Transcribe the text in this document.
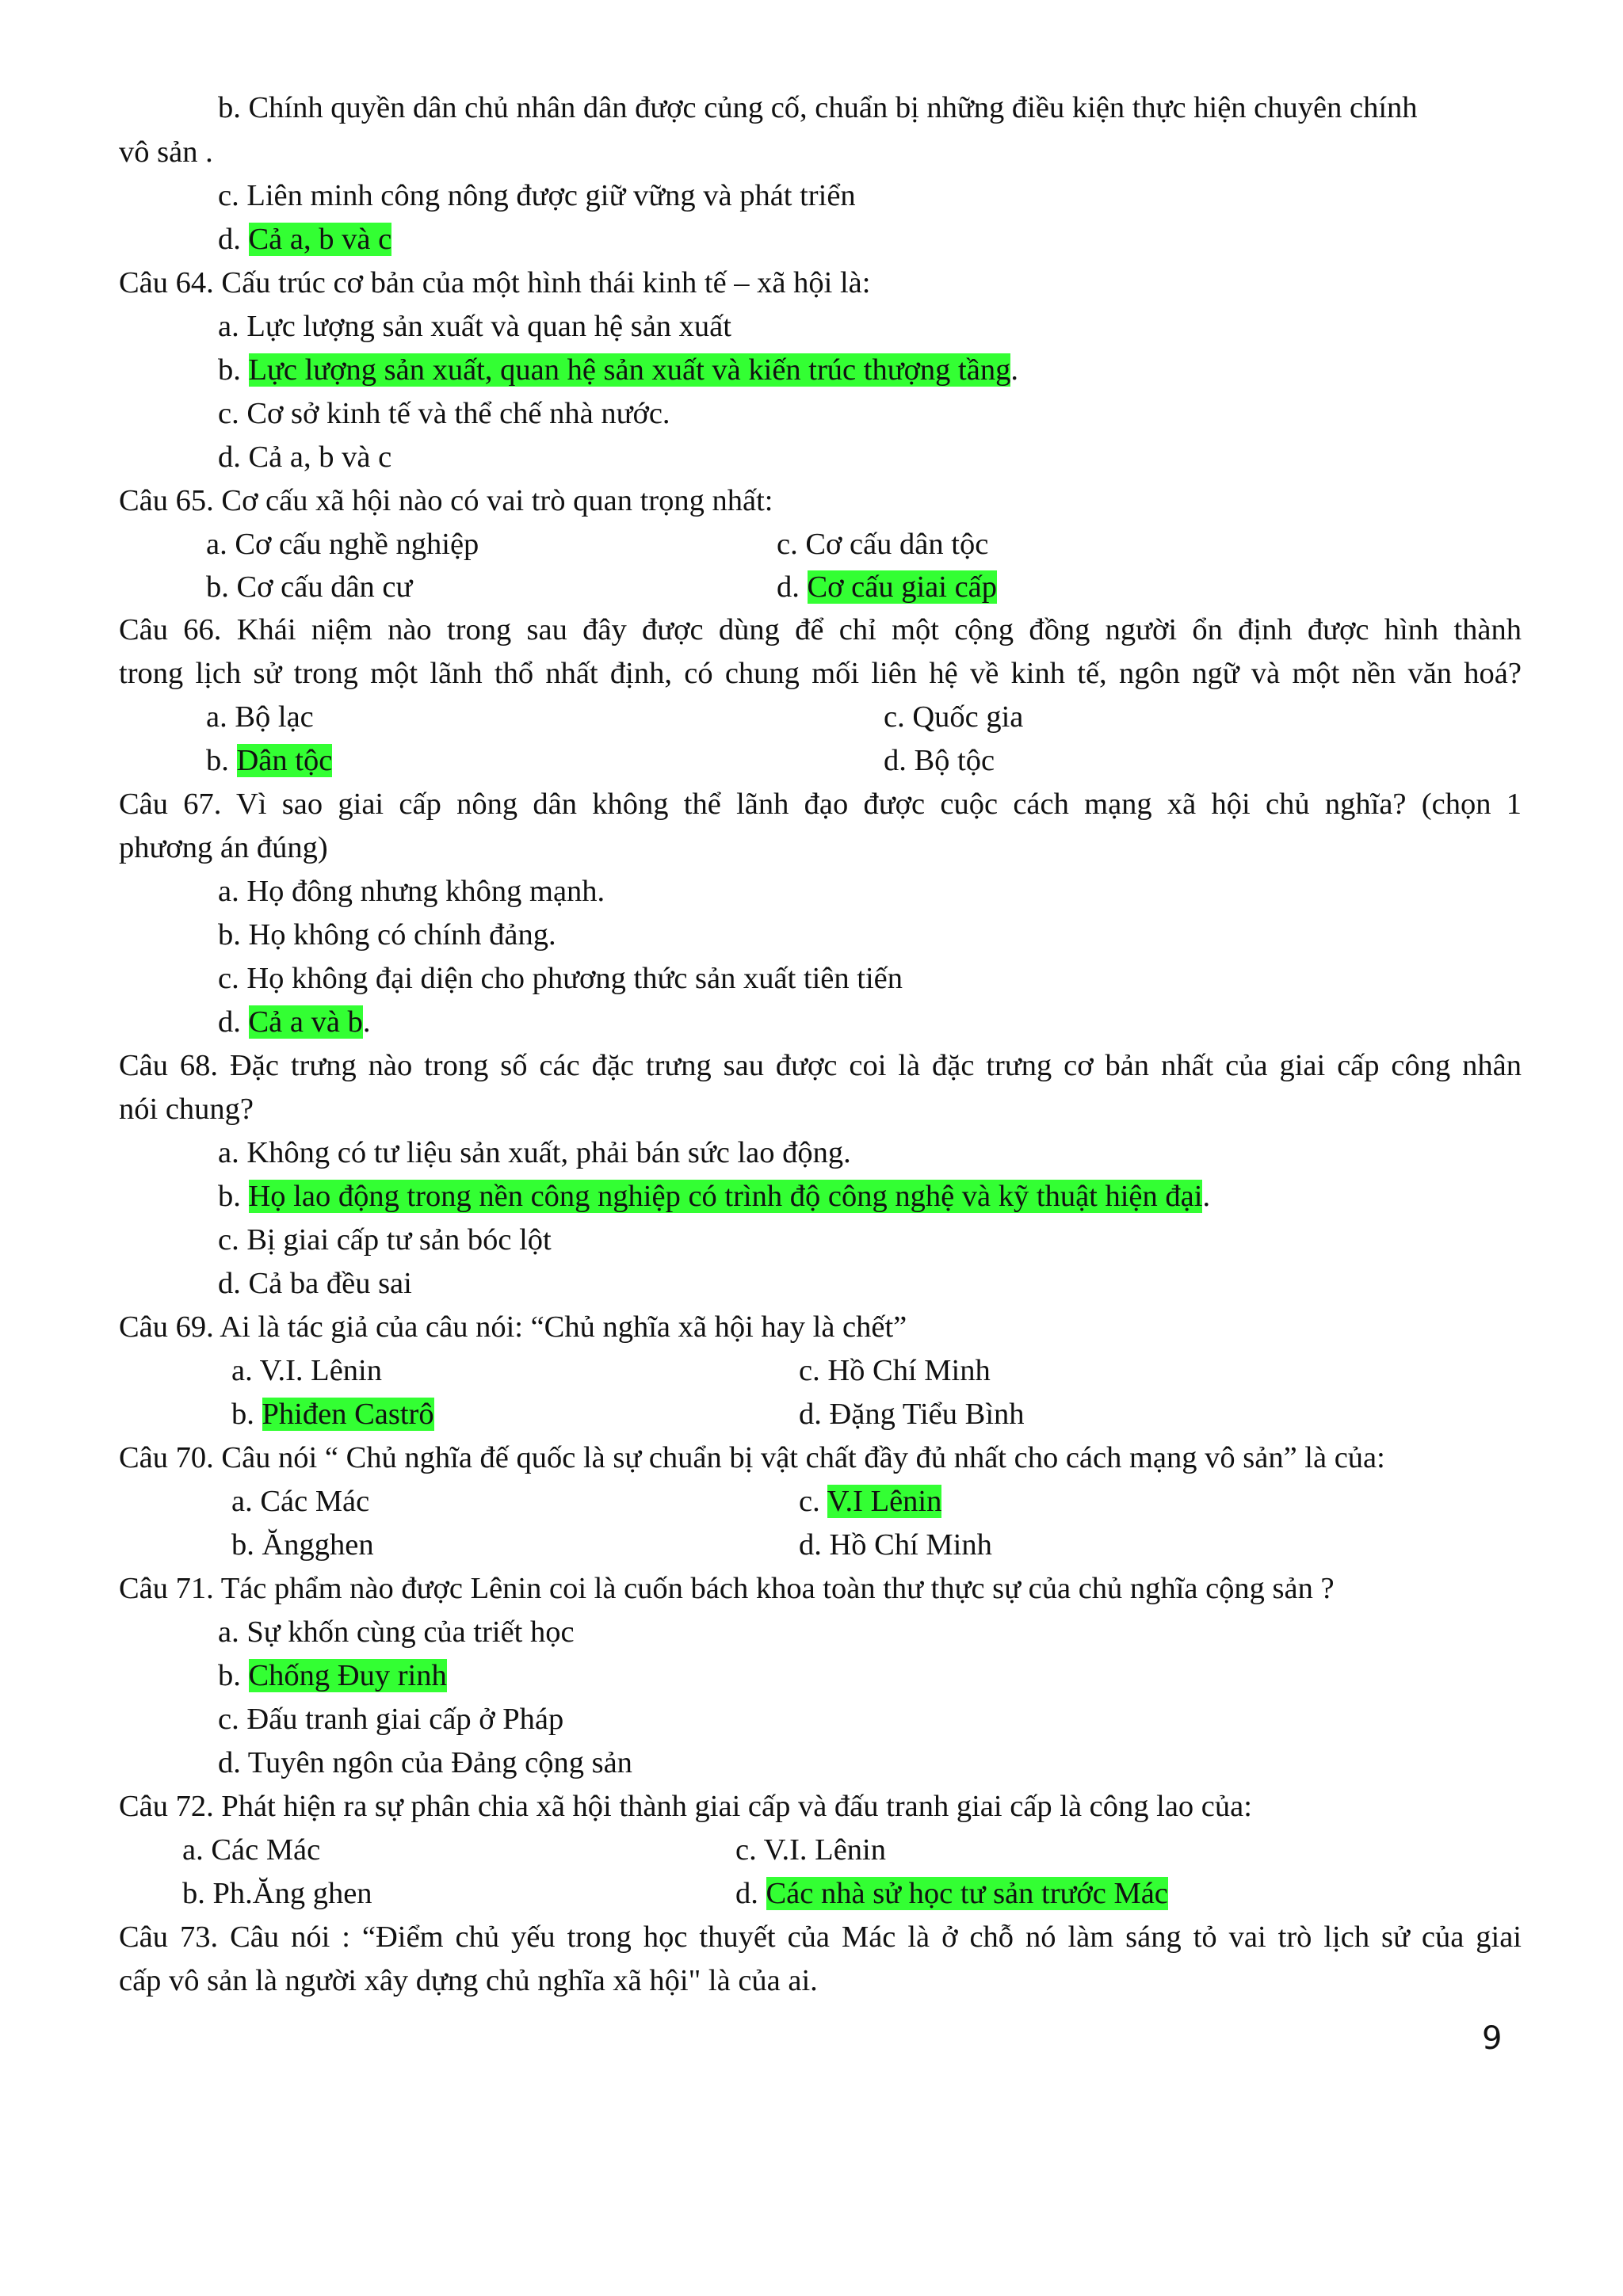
b. Chính quyền dân chủ nhân dân được củng cố, chuẩn bị những điều kiện thực hiện chuyên chính
vô sản .
c. Liên minh công nông được giữ vững và phát triển
d. Cả a, b và c
Câu 64. Cấu trúc cơ bản của một hình thái kinh tế – xã hội là:
a. Lực lượng sản xuất và quan hệ sản xuất
b. Lực lượng sản xuất, quan hệ sản xuất và kiến trúc thượng tầng.
c. Cơ sở kinh tế và thể chế nhà nước.
d. Cả a, b và c
Câu 65. Cơ cấu xã hội nào có vai trò quan trọng nhất:
a. Cơ cấu nghề nghiệp	c. Cơ cấu dân tộc
b. Cơ cấu dân cư	d. Cơ cấu giai cấp
Câu 66. Khái niệm nào trong sau đây được dùng để chỉ một cộng đồng người ổn định được hình thành
trong lịch sử trong một lãnh thổ nhất định, có chung mối liên hệ về kinh tế, ngôn ngữ và một nền văn hoá?
a. Bộ lạc	c. Quốc gia
b. Dân tộc	d. Bộ tộc
Câu 67. Vì sao giai cấp nông dân không thể lãnh đạo được cuộc cách mạng xã hội chủ nghĩa? (chọn 1
phương án đúng)
a. Họ đông nhưng không mạnh.
b. Họ không có chính đảng.
c. Họ không đại diện cho phương thức sản xuất tiên tiến
d. Cả a và b.
Câu 68. Đặc trưng nào trong số các đặc trưng sau được coi là đặc trưng cơ bản nhất của giai cấp công nhân
nói chung?
a. Không có tư liệu sản xuất, phải bán sức lao động.
b. Họ lao động trong nền công nghiệp có trình độ công nghệ và kỹ thuật hiện đại.
c. Bị giai cấp tư sản bóc lột
d. Cả ba đều sai
Câu 69. Ai là tác giả của câu nói: “Chủ nghĩa xã hội hay là chết”
a. V.I. Lênin	c. Hồ Chí Minh
b. Phiđen Castrô	d. Đặng Tiểu Bình
Câu 70. Câu nói “ Chủ nghĩa đế quốc là sự chuẩn bị vật chất đầy đủ nhất cho cách mạng vô sản” là của:
a. Các Mác	c. V.I Lênin
b. Ăngghen	d. Hồ Chí Minh
Câu 71. Tác phẩm nào được Lênin coi là cuốn bách khoa toàn thư thực sự của chủ nghĩa cộng sản ?
a. Sự khốn cùng của triết học
b. Chống Đuy rinh
c. Đấu tranh giai cấp ở Pháp
d. Tuyên ngôn của Đảng cộng sản
Câu 72. Phát hiện ra sự phân chia xã hội thành giai cấp và đấu tranh giai cấp là công lao của:
a. Các Mác	c. V.I. Lênin
b. Ph.Ăng ghen	d. Các nhà sử học tư sản trước Mác
Câu 73. Câu nói : “Điểm chủ yếu trong học thuyết của Mác là ở chỗ nó làm sáng tỏ vai trò lịch sử của giai
cấp vô sản là người xây dựng chủ nghĩa xã hội" là của ai.
9
